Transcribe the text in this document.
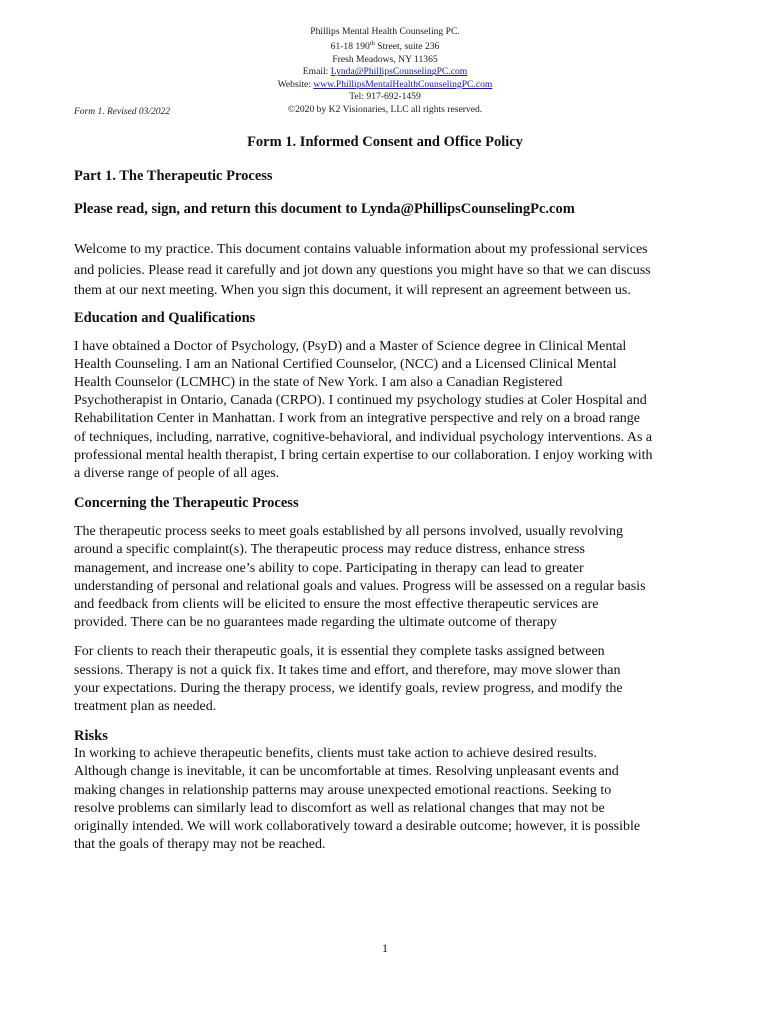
Phillips Mental Health Counseling PC.
61-18 190th Street, suite 236
Fresh Meadows, NY 11365
Email: Lynda@PhillipsCounselingPC.com
Website: www.PhillipsMentalHealthCounselingPC.com
Tel: 917-692-1459
©2020 by K2 Visionaries, LLC all rights reserved.
Form 1. Revised 03/2022
Form 1. Informed Consent and Office Policy
Part 1. The Therapeutic Process
Please read, sign, and return this document to Lynda@PhillipsCounselingPc.com

Welcome to my practice. This document contains valuable information about my professional services

and policies. Please read it carefully and jot down any questions you might have so that we can discuss

them at our next meeting. When you sign this document, it will represent an agreement between us.

Education and Qualifications

I have obtained a Doctor of Psychology, (PsyD) and a Master of Science degree in Clinical Mental

Health Counseling. I am an National Certified Counselor, (NCC) and a Licensed Clinical Mental

Health Counselor (LCMHC) in the state of New York. I am also a Canadian Registered

Psychotherapist in Ontario, Canada (CRPO). I continued my psychology studies at Coler Hospital and

Rehabilitation Center in Manhattan. I work from an integrative perspective and rely on a broad range

of techniques, including, narrative, cognitive-behavioral, and individual psychology interventions. As a

professional mental health therapist, I bring certain expertise to our collaboration. I enjoy working with

a diverse range of people of all ages.

Concerning the Therapeutic Process

The therapeutic process seeks to meet goals established by all persons involved, usually revolving

around a specific complaint(s). The therapeutic process may reduce distress, enhance stress

management, and increase one’s ability to cope. Participating in therapy can lead to greater

understanding of personal and relational goals and values. Progress will be assessed on a regular basis

and feedback from clients will be elicited to ensure the most effective therapeutic services are

provided. There can be no guarantees made regarding the ultimate outcome of therapy

For clients to reach their therapeutic goals, it is essential they complete tasks assigned between

sessions. Therapy is not a quick fix. It takes time and effort, and therefore, may move slower than

your expectations. During the therapy process, we identify goals, review progress, and modify the

treatment plan as needed.

Risks

In working to achieve therapeutic benefits, clients must take action to achieve desired results.

Although change is inevitable, it can be uncomfortable at times. Resolving unpleasant events and

making changes in relationship patterns may arouse unexpected emotional reactions. Seeking to

resolve problems can similarly lead to discomfort as well as relational changes that may not be

originally intended. We will work collaboratively toward a desirable outcome; however, it is possible

that the goals of therapy may not be reached.

1
